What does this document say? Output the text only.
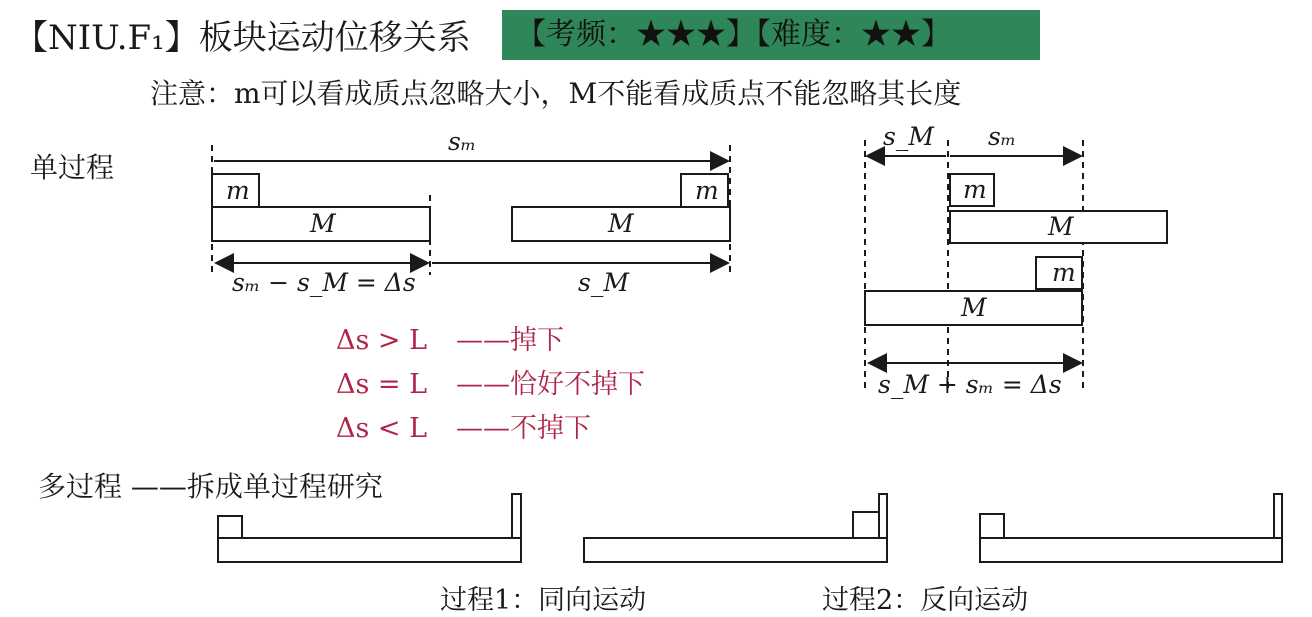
【NIU.F₁】板块运动位移关系	【考频：★★★】【难度：★★】
注意：m可以看成质点忽略大小，M不能看成质点不能忽略其长度
单过程
多过程 ——拆成单过程研究
sₘ
m	m
M	M
sₘ − s_M = Δs	s_M
Δs > L ——掉下
Δs = L ——恰好不掉下
Δs < L ——不掉下
s_M sₘ
m
M
m
M
s_M + sₘ = Δs
过程1：同向运动	过程2：反向运动
